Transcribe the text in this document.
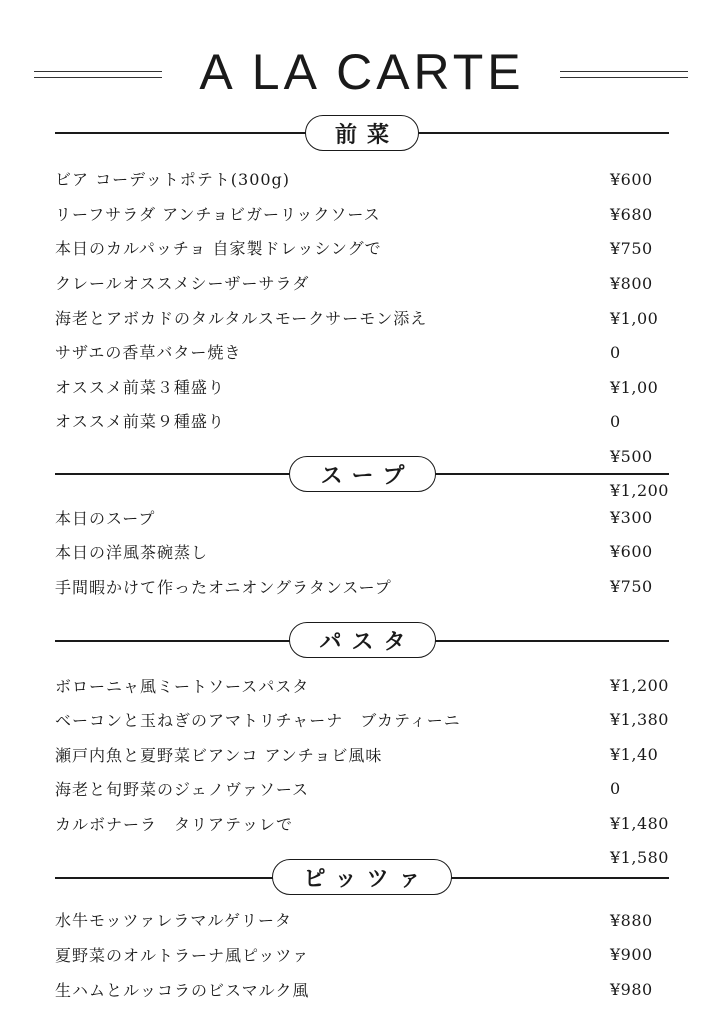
A LA CARTE
前菜
ビア コーデットポテト(300g)
リーフサラダ アンチョビガーリックソース
本日のカルパッチョ 自家製ドレッシングで
クレールオススメシーザーサラダ
海老とアボカドのタルタルスモークサーモン添え
サザエの香草バター焼き
オススメ前菜３種盛り
オススメ前菜９種盛り
¥600
¥680
¥750
¥800
¥1,00
0
¥1,00
0
¥500
¥1,200
スープ
本日のスープ
本日の洋風茶碗蒸し
手間暇かけて作ったオニオングラタンスープ
¥300
¥600
¥750
パスタ
ボローニャ風ミートソースパスタ
ベーコンと玉ねぎのアマトリチャーナ　ブカティーニ
瀬戸内魚と夏野菜ビアンコ アンチョビ風味
海老と旬野菜のジェノヴァソース
カルボナーラ　タリアテッレで
¥1,200
¥1,380
¥1,40
0
¥1,480
¥1,580
ピッツァ
水牛モッツァレラマルゲリータ
夏野菜のオルトラーナ風ピッツァ
生ハムとルッコラのビスマルク風
¥880
¥900
¥980
